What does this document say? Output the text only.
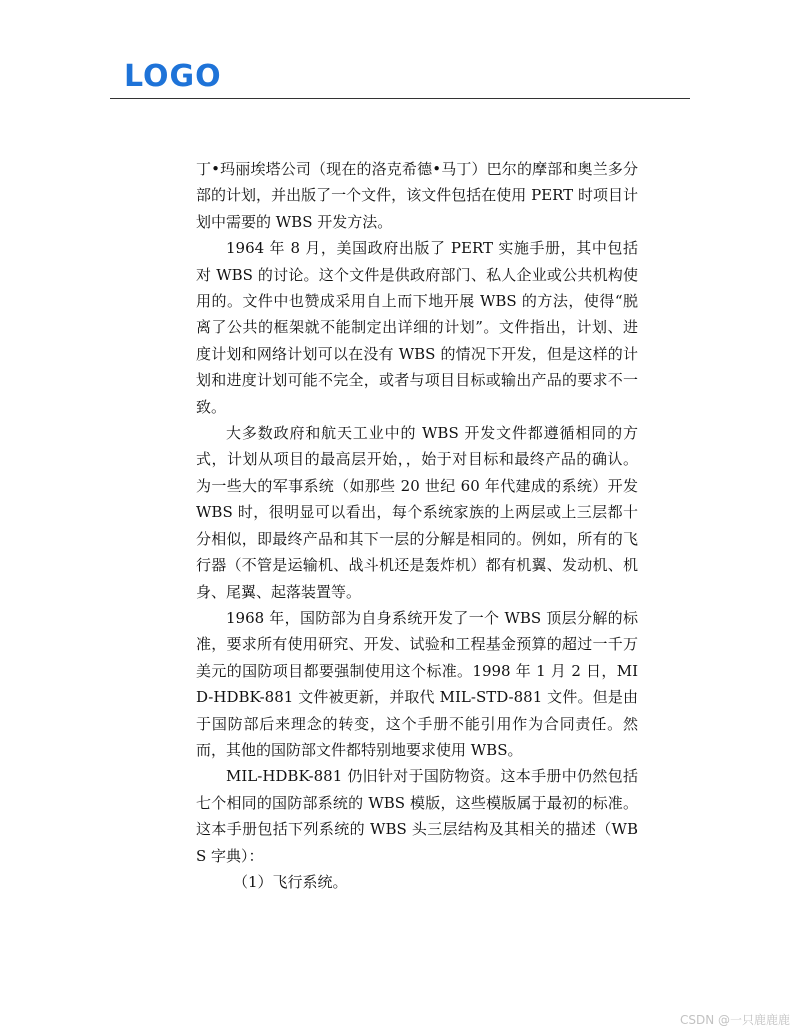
LOGO

丁•玛丽埃塔公司（现在的洛克希德•马丁）巴尔的摩部和奥兰多分部的计划，并出版了一个文件，该文件包括在使用 PERT 时项目计划中需要的 WBS 开发方法。

1964 年 8 月，美国政府出版了 PERT 实施手册，其中包括对 WBS 的讨论。这个文件是供政府部门、私人企业或公共机构使用的。文件中也赞成采用自上而下地开展 WBS 的方法，使得“脱离了公共的框架就不能制定出详细的计划”。文件指出，计划、进度计划和网络计划可以在没有 WBS 的情况下开发，但是这样的计划和进度计划可能不完全，或者与项目目标或输出产品的要求不一致。

大多数政府和航天工业中的 WBS 开发文件都遵循相同的方式，计划从项目的最高层开始，，始于对目标和最终产品的确认。为一些大的军事系统（如那些 20 世纪 60 年代建成的系统）开发 WBS 时，很明显可以看出，每个系统家族的上两层或上三层都十分相似，即最终产品和其下一层的分解是相同的。例如，所有的飞行器（不管是运输机、战斗机还是轰炸机）都有机翼、发动机、机身、尾翼、起落装置等。

1968 年，国防部为自身系统开发了一个 WBS 顶层分解的标准，要求所有使用研究、开发、试验和工程基金预算的超过一千万美元的国防项目都要强制使用这个标准。1998 年 1 月 2 日，MID-HDBK-881 文件被更新，并取代 MIL-STD-881 文件。但是由于国防部后来理念的转变，这个手册不能引用作为合同责任。然而，其他的国防部文件都特别地要求使用 WBS。

MIL-HDBK-881 仍旧针对于国防物资。这本手册中仍然包括七个相同的国防部系统的 WBS 模版，这些模版属于最初的标准。这本手册包括下列系统的 WBS 头三层结构及其相关的描述（WBS 字典）：

（1）飞行系统。

CSDN @一只鹿鹿鹿
